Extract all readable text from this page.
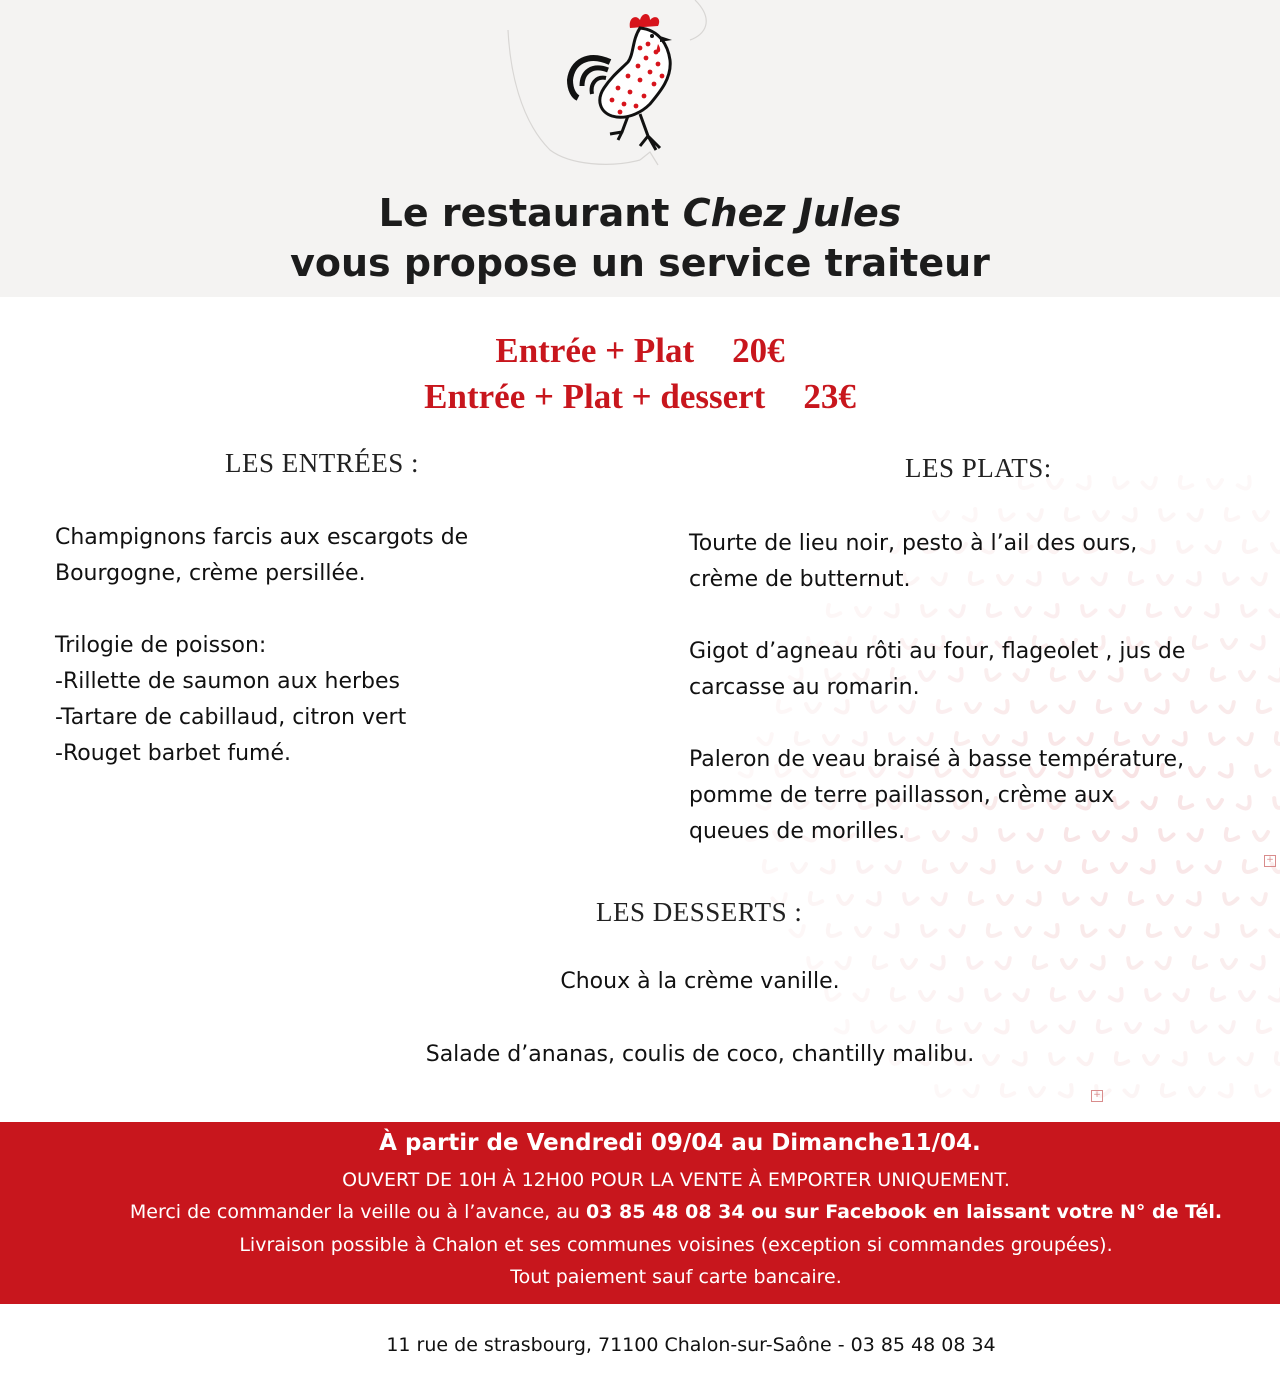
Le restaurant Chez Jules
vous propose un service traiteur
Entrée + Plat 20€
Entrée + Plat + dessert 23€
LES ENTRÉES :

Champignons farcis aux escargots de

Bourgogne, crème persillée.

Trilogie de poisson:

-Rillette de saumon aux herbes

-Tartare de cabillaud, citron vert

-Rouget barbet fumé.

LES PLATS:

Tourte de lieu noir, pesto à l’ail des ours,

crème de butternut.

Gigot d’agneau rôti au four, flageolet , jus de

carcasse au romarin.

Paleron de veau braisé à basse température,

pomme de terre paillasson, crème aux

queues de morilles.

+
+
LES DESSERTS :
Choux à la crème vanille.
Salade d’ananas, coulis de coco, chantilly malibu.
À partir de Vendredi 09/04 au Dimanche11/04.
OUVERT DE 10H À 12H00 POUR LA VENTE À EMPORTER UNIQUEMENT.
Merci de commander la veille ou à l’avance, au 03 85 48 08 34 ou sur Facebook en laissant votre N° de Tél.
Livraison possible à Chalon et ses communes voisines (exception si commandes groupées).
Tout paiement sauf carte bancaire.
11 rue de strasbourg, 71100 Chalon-sur-Saône - 03 85 48 08 34
